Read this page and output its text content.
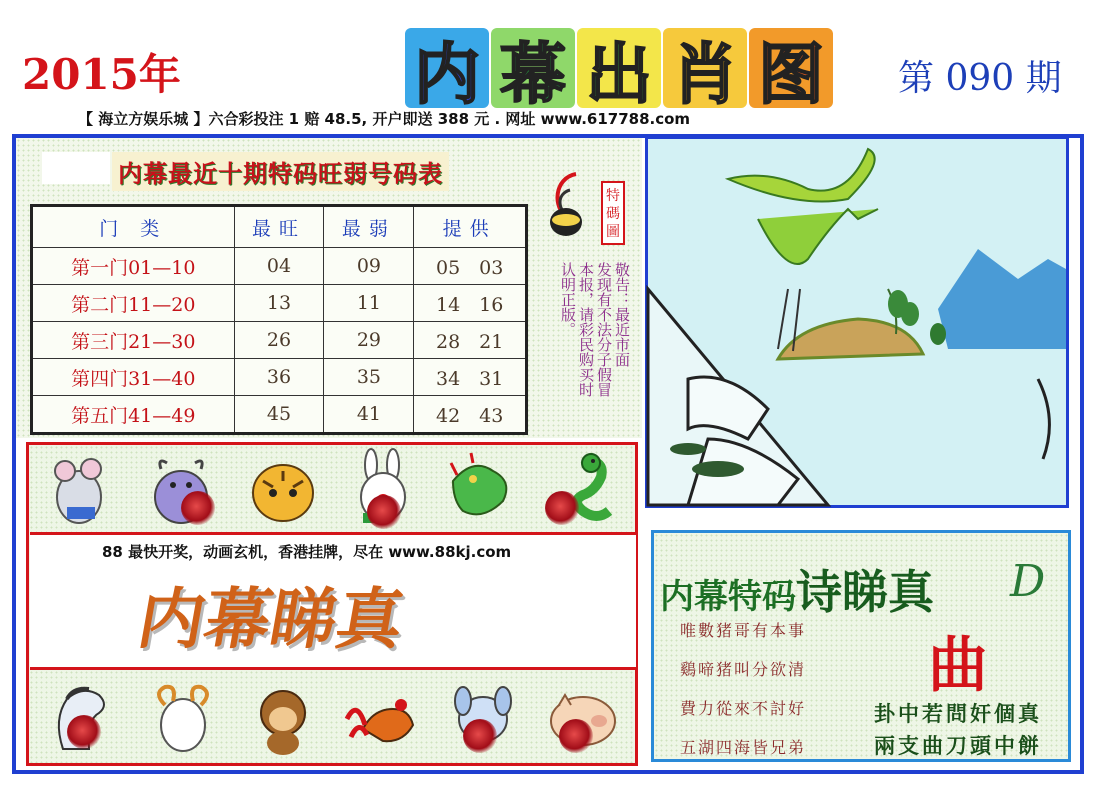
2015年	内 幕 出 肖 图 第 090 期
【 海立方娱乐城 】六合彩投注 1 赔 48.5, 开户即送 388 元 . 网址 www.617788.com
内幕最近十期特码旺弱号码表
门 类	最旺	最弱	提供
第一门01—10	04	09	05　03
第二门11—20	13	11	14　16
第三门21—30	26	29	28　21
第四门31—40	36	35	34　31
第五门41—49	45	41	42　43
特
碼
圖
敬告：最近市面
发现有不法分子假冒
本报，请彩民购买时
认明正版。
88 最快开奖，动画玄机，香港挂牌，尽在 www.88kj.com
内幕睇真	内幕特码诗睇真 D
曲
唯數猪哥有本事
鷄啼猪叫分欲清
費力從來不討好
五湖四海皆兄弟
卦中若問奸個真
兩支曲刀頭中餅
